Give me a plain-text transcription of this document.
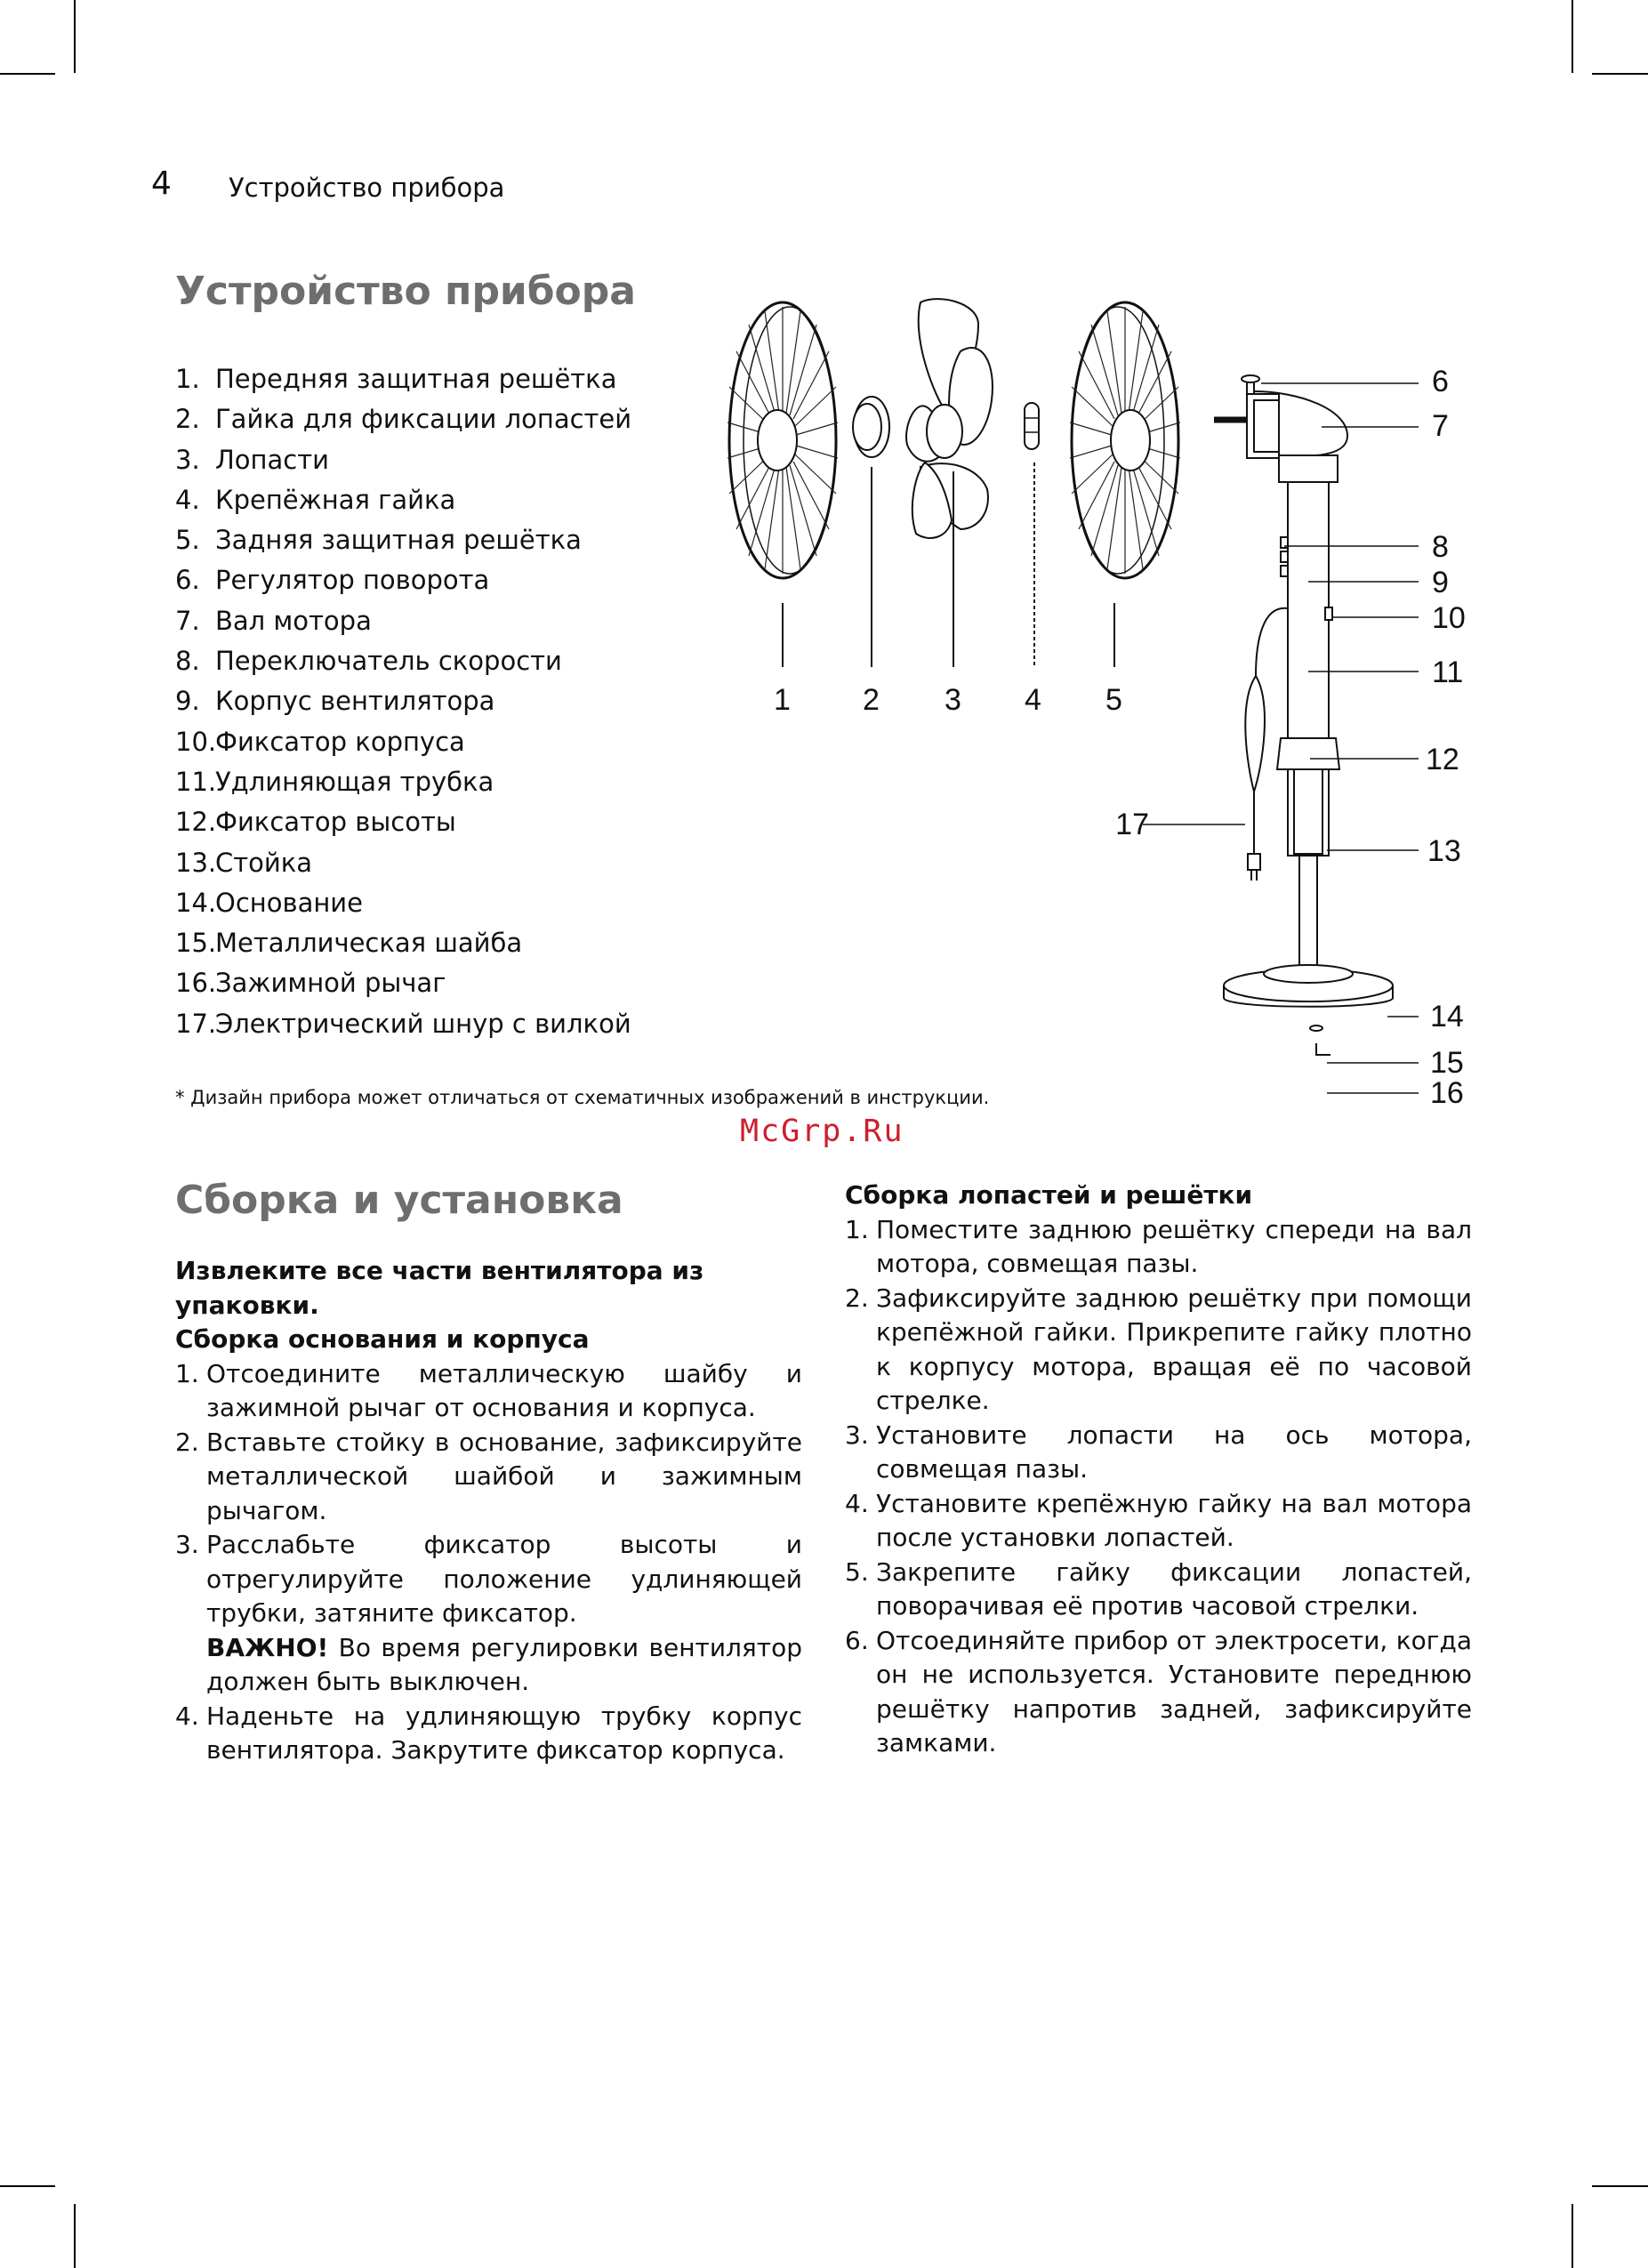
4 Устройство прибора
Устройство прибора
1. Передняя защитная решётка
2. Гайка для фиксации лопастей
3. Лопасти
4. Крепёжная гайка
5. Задняя защитная решётка
6. Регулятор поворота
7. Вал мотора
8. Переключатель скорости
9. Корпус вентилятора
10.Фиксатор корпуса
11.Удлиняющая трубка
12.Фиксатор высоты
13.Стойка
14.Основание
15.Металлическая шайба
16.Зажимной рычаг
17.Электрический шнур с вилкой
* Дизайн прибора может отличаться от схематичных изображений в инструкции.
1 2 3 4 5
6
7
8
9
10
11
12
13
14
15
16
17
McGrp.Ru
Сборка и установка

Извлеките все части вентилятора из упаковки.

Сборка основания и корпуса

1. Отсоедините металлическую шайбу и зажимной рычаг от основания и корпуса.
2. Вставьте стойку в основание, зафиксируйте металлической шайбой и зажимным рычагом.
3. Расслабьте фиксатор высоты и отрегулируйте положение удлиняющей трубки, затяните фиксатор.
ВАЖНО! Во время регулировки вентилятор должен быть выключен.
4. Наденьте на удлиняющую трубку корпус вентилятора. Закрутите фиксатор корпуса.

Сборка лопастей и решётки

1. Поместите заднюю решётку спереди на вал мотора, совмещая пазы.
2. Зафиксируйте заднюю решётку при помощи крепёжной гайки. Прикрепите гайку плотно к корпусу мотора, вращая её по часовой стрелке.
3. Установите лопасти на ось мотора, совмещая пазы.
4. Установите крепёжную гайку на вал мотора после установки лопастей.
5. Закрепите гайку фиксации лопастей, поворачивая её против часовой стрелки.
6. Отсоединяйте прибор от электросети, когда он не используется. Установите переднюю решётку напротив задней, зафиксируйте замками.
